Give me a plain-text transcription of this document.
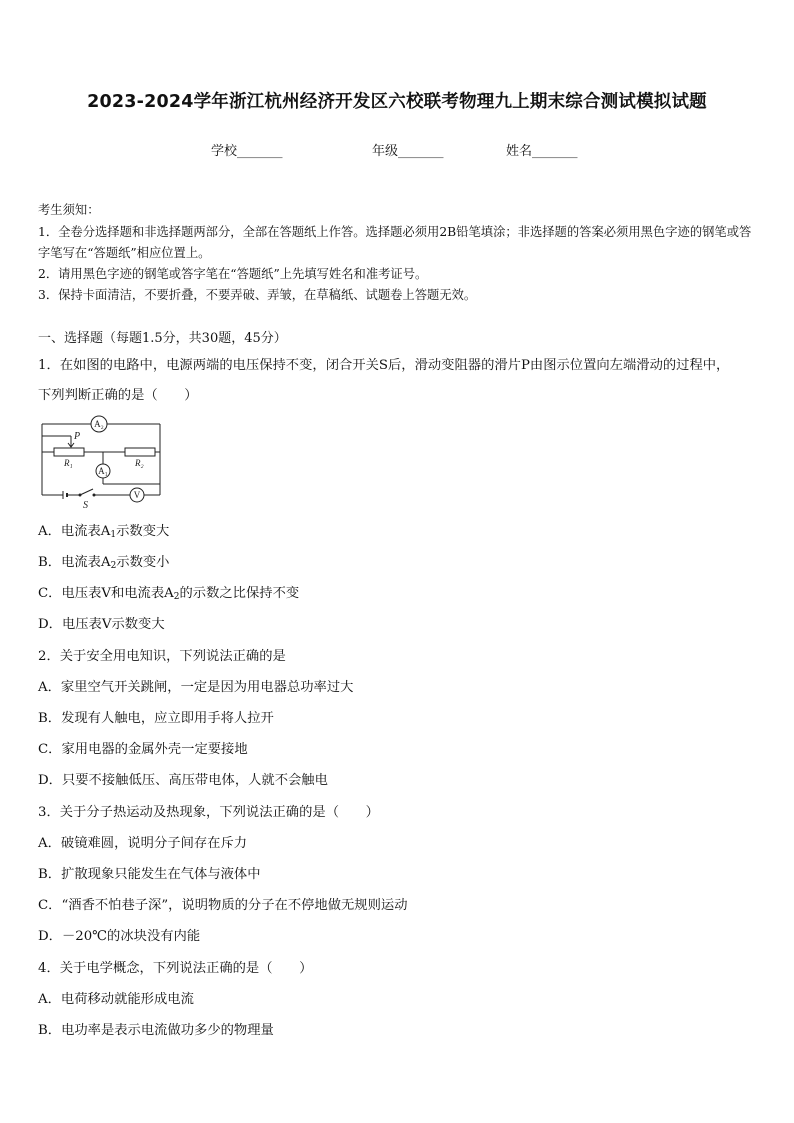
2023-2024学年浙江杭州经济开发区六校联考物理九上期末综合测试模拟试题
学校_______	年级_______	姓名_______
考生须知：
1．全卷分选择题和非选择题两部分，全部在答题纸上作答。选择题必须用2B铅笔填涂；非选择题的答案必须用黑色字迹的钢笔或答字笔写在“答题纸”相应位置上。
2．请用黑色字迹的钢笔或答字笔在“答题纸”上先填写姓名和准考证号。
3．保持卡面清洁，不要折叠，不要弄破、弄皱，在草稿纸、试题卷上答题无效。
一、选择题（每题1.5分，共30题，45分）
1．在如图的电路中，电源两端的电压保持不变，闭合开关S后，滑动变阻器的滑片P由图示位置向左端滑动的过程中，
下列判断正确的是（　　）
A₂
A₁
V
P
R₁	R₂
S
A．电流表$A_1$示数变大
B．电流表$A_2$示数变小
C．电压表V和电流表$A_2$的示数之比保持不变
D．电压表V示数变大
2．关于安全用电知识，下列说法正确的是
A．家里空气开关跳闸，一定是因为用电器总功率过大
B．发现有人触电，应立即用手将人拉开
C．家用电器的金属外壳一定要接地
D．只要不接触低压、高压带电体，人就不会触电
3．关于分子热运动及热现象，下列说法正确的是（　　）
A．破镜难圆，说明分子间存在斥力
B．扩散现象只能发生在气体与液体中
C．“酒香不怕巷子深”，说明物质的分子在不停地做无规则运动
D．－20℃的冰块没有内能
4．关于电学概念，下列说法正确的是（　　）
A．电荷移动就能形成电流
B．电功率是表示电流做功多少的物理量
